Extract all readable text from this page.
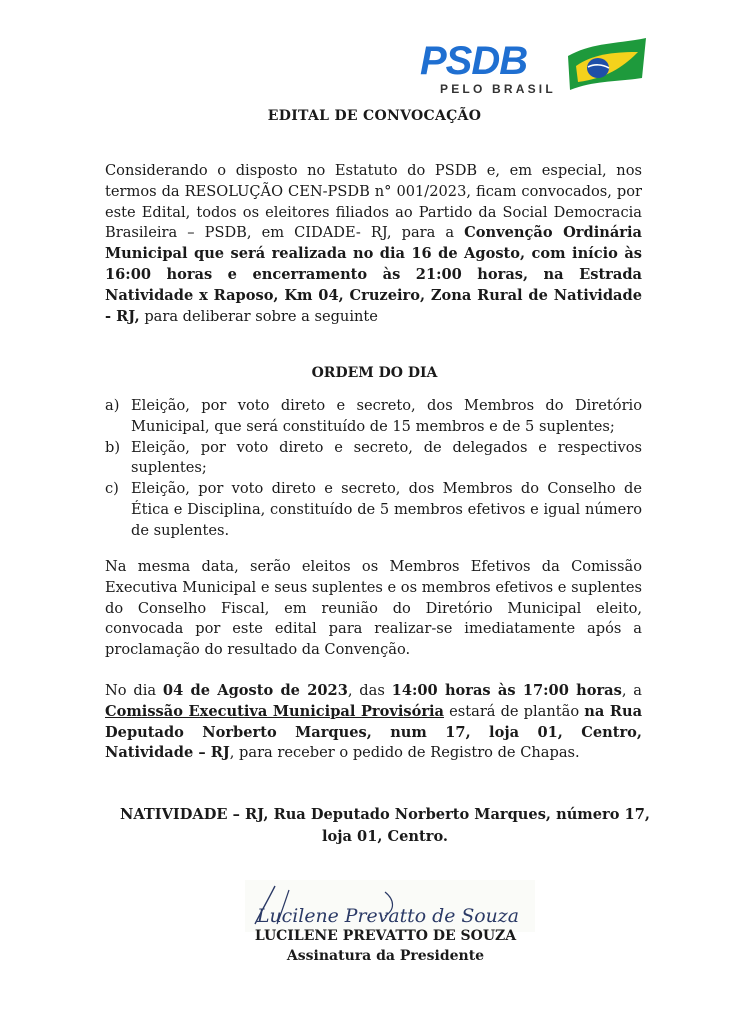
PSDB
PELO BRASIL
EDITAL DE CONVOCAÇÃO
Considerando o disposto no Estatuto do PSDB e, em especial, nos termos da RESOLUÇÃO CEN-PSDB n° 001/2023, ficam convocados, por este Edital, todos os eleitores filiados ao Partido da Social Democracia Brasileira – PSDB, em CIDADE- RJ, para a Convenção Ordinária Municipal que será realizada no dia 16 de Agosto, com início às 16:00 horas e encerramento às 21:00 horas, na Estrada Natividade x Raposo, Km 04, Cruzeiro, Zona Rural de Natividade - RJ, para deliberar sobre a seguinte
ORDEM DO DIA
a) Eleição, por voto direto e secreto, dos Membros do Diretório Municipal, que será constituído de 15 membros e de 5 suplentes;
b) Eleição, por voto direto e secreto, de delegados e respectivos suplentes;
c) Eleição, por voto direto e secreto, dos Membros do Conselho de Ética e Disciplina, constituído de 5 membros efetivos e igual número de suplentes.
Na mesma data, serão eleitos os Membros Efetivos da Comissão Executiva Municipal e seus suplentes e os membros efetivos e suplentes do Conselho Fiscal, em reunião do Diretório Municipal eleito, convocada por este edital para realizar-se imediatamente após a proclamação do resultado da Convenção.
No dia 04 de Agosto de 2023, das 14:00 horas às 17:00 horas, a Comissão Executiva Municipal Provisória estará de plantão na Rua Deputado Norberto Marques, num 17, loja 01, Centro, Natividade – RJ, para receber o pedido de Registro de Chapas.
NATIVIDADE – RJ, Rua Deputado Norberto Marques, número 17, loja 01, Centro.
Lucilene Prevatto de Souza
LUCILENE PREVATTO DE SOUZA
Assinatura da Presidente
